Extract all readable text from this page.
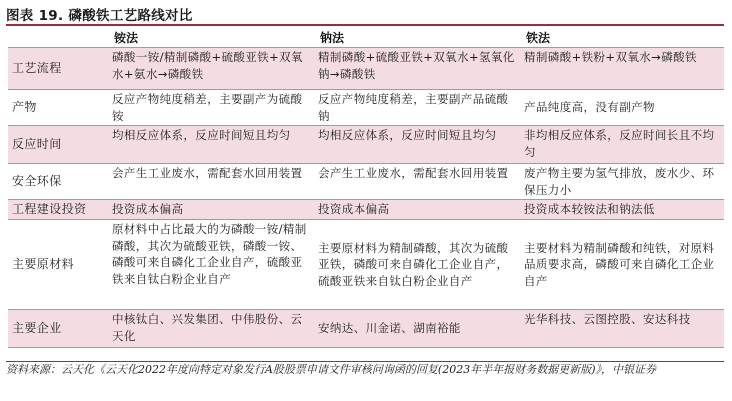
图表 19. 磷酸铁工艺路线对比
	铵法	钠法	铁法
工艺流程	磷酸一铵/精制磷酸+硫酸亚铁+双氧水+氨水→磷酸铁	精制磷酸+硫酸亚铁+双氧水+氢氧化钠→磷酸铁	精制磷酸+铁粉+双氧水→磷酸铁
产物	反应产物纯度稍差，主要副产为硫酸铵	反应产物纯度稍差，主要副产品硫酸钠	产品纯度高，没有副产物
反应时间	均相反应体系，反应时间短且均匀	均相反应体系，反应时间短且均匀	非均相反应体系，反应时间长且不均匀
安全环保	会产生工业废水，需配套水回用装置	会产生工业废水，需配套水回用装置	废产物主要为氢气排放，废水少、环保压力小
工程建设投资	投资成本偏高	投资成本偏高	投资成本较铵法和钠法低
主要原材料	原材料中占比最大的为磷酸一铵/精制磷酸，其次为硫酸亚铁，磷酸一铵、磷酸可来自磷化工企业自产，硫酸亚铁来自钛白粉企业自产	主要原材料为精制磷酸，其次为硫酸亚铁，磷酸可来自磷化工企业自产，硫酸亚铁来自钛白粉企业自产	主要材料为精制磷酸和纯铁，对原料品质要求高，磷酸可来自磷化工企业自产
主要企业	中核钛白、兴发集团、中伟股份、云天化	安纳达、川金诺、湖南裕能	光华科技、云图控股、安达科技
资料来源：云天化《云天化2022年度向特定对象发行A股股票申请文件审核问询函的回复(2023年半年报财务数据更新版)》，中银证券
